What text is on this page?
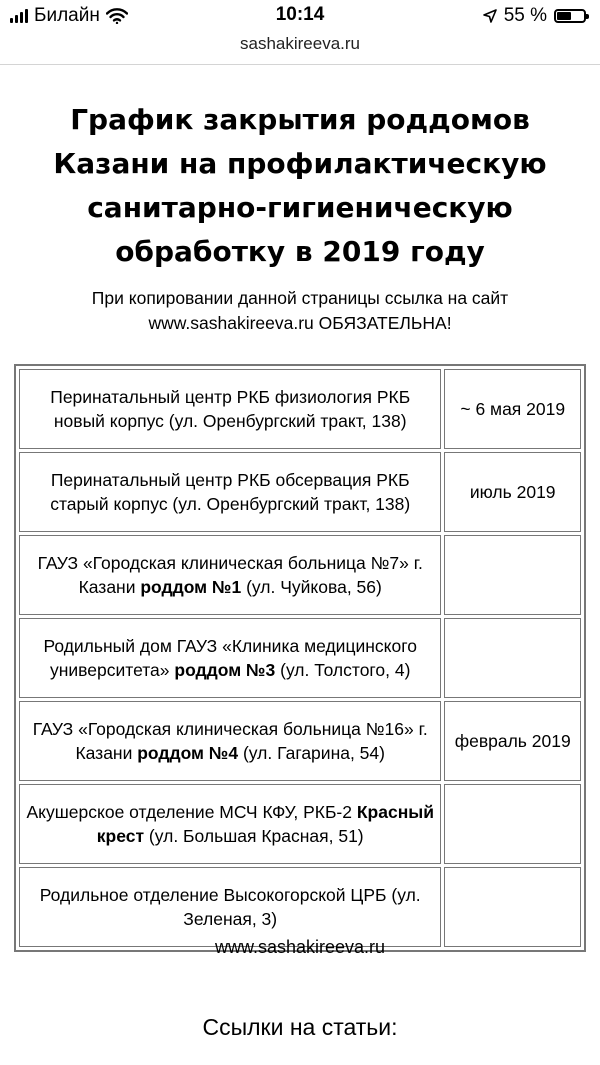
Билайн	10:14	55 %
sashakireeva.ru
График закрытия роддомов Казани на профилактическую санитарно-гигиеническую обработку в 2019 году
При копировании данной страницы ссылка на сайт www.sashakireeva.ru ОБЯЗАТЕЛЬНА!
Перинатальный центр РКБ физиология РКБ новый корпус (ул. Оренбургский тракт, 138)	~ 6 мая 2019
Перинатальный центр РКБ обсервация РКБ старый корпус (ул. Оренбургский тракт, 138)	июль 2019
ГАУЗ «Городская клиническая больница №7» г. Казани роддом №1 (ул. Чуйкова, 56)	
Родильный дом ГАУЗ «Клиника медицинского университета» роддом №3 (ул. Толстого, 4)	
ГАУЗ «Городская клиническая больница №16» г. Казани роддом №4 (ул. Гагарина, 54)	февраль 2019
Акушерское отделение МСЧ КФУ, РКБ-2 Красный крест (ул. Большая Красная, 51)	
Родильное отделение Высокогорской ЦРБ (ул. Зеленая, 3)	
www.sashakireeva.ru
Ссылки на статьи:
